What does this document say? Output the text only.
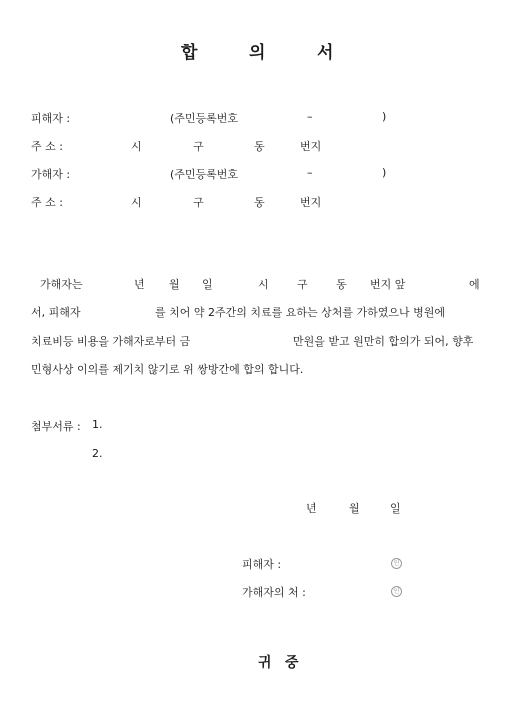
합	의	서
피해자 :	(주민등록번호	–	)
주 소 :	시	구	동	번지
가해자 :	(주민등록번호	–	)
주 소 :	시	구	동	번지
가해자는	년 월 일	시	구	동 번지 앞	에
서, 피해자	를 치어 약 2주간의 치료를 요하는 상처를 가하였으나 병원에
치료비등 비용을 가해자로부터 금	만원을 받고 원만히 합의가 되어, 향후
민형사상 이의를 제기치 않기로 위 쌍방간에 합의 합니다.
첨부서류 : 1.
2.
년	월	일
피해자 :	인
가해자의 처 :	인
귀 중
